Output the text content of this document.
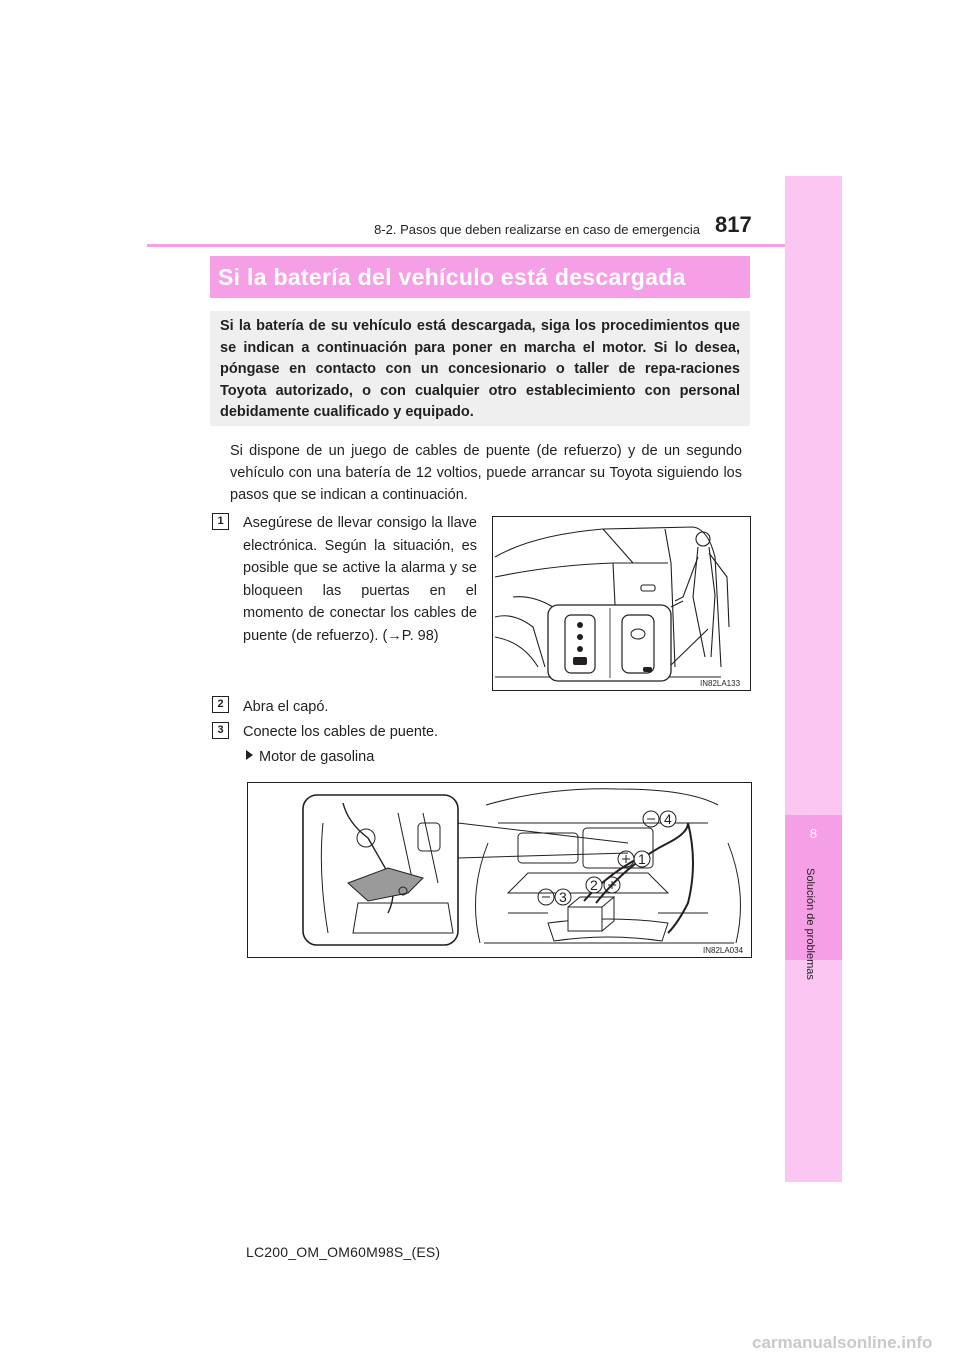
8
Solución de problemas
8-2. Pasos que deben realizarse en caso de emergencia 817
Si la batería del vehículo está descargada
Si la batería de su vehículo está descargada, siga los procedimientos que se indican a continuación para poner en marcha el motor. Si lo desea, póngase en contacto con un concesionario o taller de repa-raciones Toyota autorizado, o con cualquier otro establecimiento con personal debidamente cualificado y equipado.
Si dispone de un juego de cables de puente (de refuerzo) y de un segundo vehículo con una batería de 12 voltios, puede arrancar su Toyota siguiendo los pasos que se indican a continuación.
1	Asegúrese de llevar consigo la llave electrónica. Según la situación, es posible que se active la alarma y se bloqueen las puertas en el momento de conectar los cables de puente (de refuerzo). (→P. 98)
IN82LA133
2	Abra el capó.
3	Conecte los cables de puente.
Motor de gasolina
4
1
2
3
IN82LA034
LC200_OM_OM60M98S_(ES)
carmanualsonline.info
